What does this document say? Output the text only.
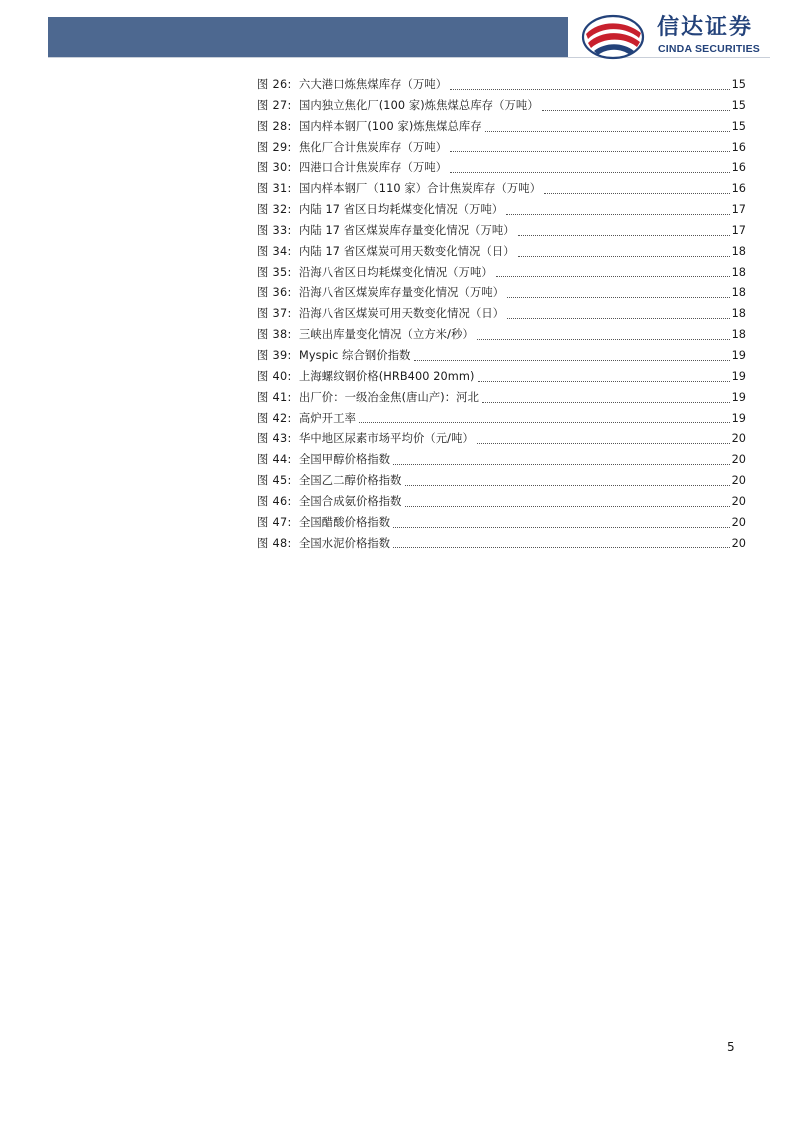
信达证券
CINDA SECURITIES
图 26: 六大港口炼焦煤库存（万吨）	15
图 27: 国内独立焦化厂(100 家)炼焦煤总库存（万吨）	15
图 28: 国内样本钢厂(100 家)炼焦煤总库存	15
图 29: 焦化厂合计焦炭库存（万吨）	16
图 30: 四港口合计焦炭库存（万吨）	16
图 31: 国内样本钢厂（110 家）合计焦炭库存（万吨）	16
图 32: 内陆 17 省区日均耗煤变化情况（万吨）	17
图 33: 内陆 17 省区煤炭库存量变化情况（万吨）	17
图 34: 内陆 17 省区煤炭可用天数变化情况（日）	18
图 35: 沿海八省区日均耗煤变化情况（万吨）	18
图 36: 沿海八省区煤炭库存量变化情况（万吨）	18
图 37: 沿海八省区煤炭可用天数变化情况（日）	18
图 38: 三峡出库量变化情况（立方米/秒）	18
图 39: Myspic 综合钢价指数	19
图 40: 上海螺纹钢价格(HRB400 20mm)	19
图 41: 出厂价：一级冶金焦(唐山产)：河北	19
图 42: 高炉开工率	19
图 43: 华中地区尿素市场平均价（元/吨）	20
图 44: 全国甲醇价格指数	20
图 45: 全国乙二醇价格指数	20
图 46: 全国合成氨价格指数	20
图 47: 全国醋酸价格指数	20
图 48: 全国水泥价格指数	20
5
